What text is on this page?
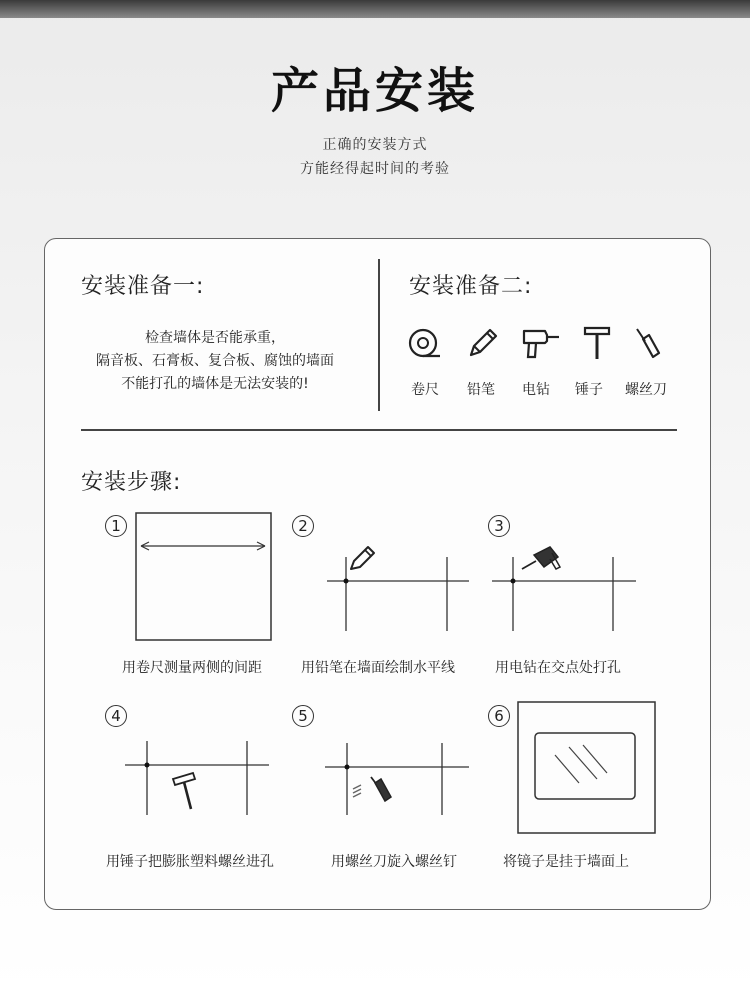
产品安装
正确的安装方式
方能经得起时间的考验
安装准备一:
检查墙体是否能承重，
隔音板、石膏板、复合板、腐蚀的墙面
不能打孔的墙体是无法安装的!
安装准备二:
卷尺	铅笔	电钻	锤子	螺丝刀
安装步骤:
1
用卷尺测量两侧的间距
2
用铅笔在墙面绘制水平线
3
用电钻在交点处打孔
4
用锤子把膨胀塑料螺丝进孔
5
用螺丝刀旋入螺丝钉
6
将镜子是挂于墙面上
